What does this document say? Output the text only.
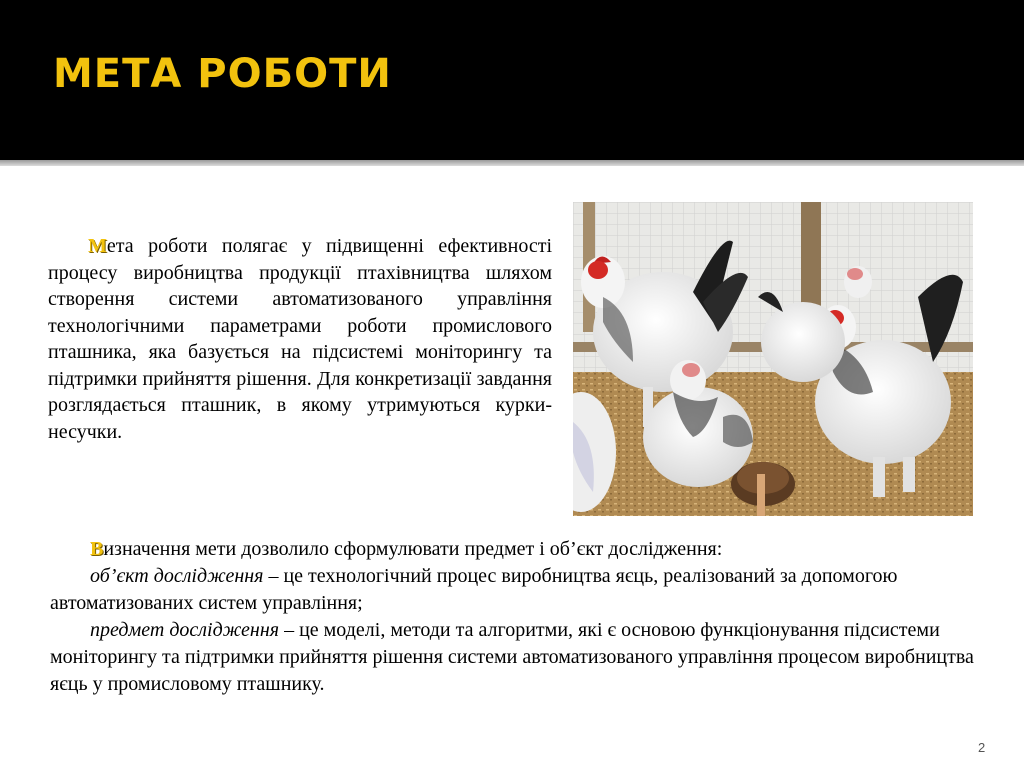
МЕТА РОБОТИ

Мета роботи полягає у підвищенні ефективності процесу виробництва продукції птахівництва шляхом створення системи автоматизованого управління технологічними параметрами роботи промислового пташника, яка базується на підсистемі моніторингу та підтримки прийняття рішення. Для конкретизації завдання розглядається пташник, в якому утримуються курки-несучки.

Визначення мети дозволило сформулювати предмет і об’єкт дослідження:

об’єкт дослідження – це технологічний процес виробництва яєць, реалізований за допомогою автоматизованих систем управління;

предмет дослідження – це моделі, методи та алгоритми, які є основою функціонування підсистеми моніторингу та підтримки прийняття рішення системи автоматизованого управління процесом виробництва яєць у промисловому пташнику.

2
